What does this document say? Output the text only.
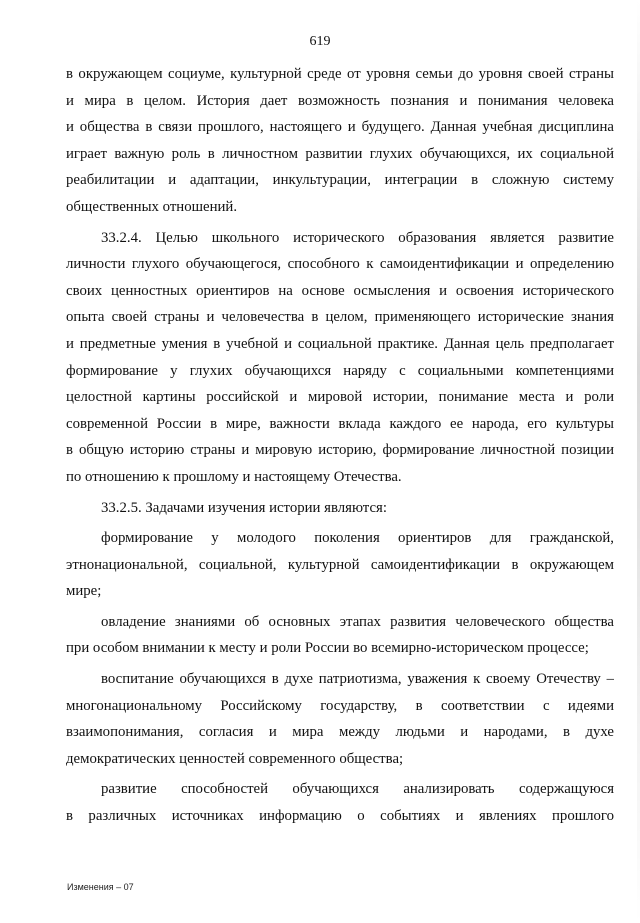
619
в окружающем социуме, культурной среде от уровня семьи до уровня своей страны
и мира в целом. История дает возможность познания и понимания человека
и общества в связи прошлого, настоящего и будущего. Данная учебная дисциплина
играет важную роль в личностном развитии глухих обучающихся, их социальной
реабилитации и адаптации, инкультурации, интеграции в сложную систему
общественных отношений.
33.2.4. Целью школьного исторического образования является развитие
личности глухого обучающегося, способного к самоидентификации и определению
своих ценностных ориентиров на основе осмысления и освоения исторического
опыта своей страны и человечества в целом, применяющего исторические знания
и предметные умения в учебной и социальной практике. Данная цель предполагает
формирование у глухих обучающихся наряду с социальными компетенциями
целостной картины российской и мировой истории, понимание места и роли
современной России в мире, важности вклада каждого ее народа, его культуры
в общую историю страны и мировую историю, формирование личностной позиции
по отношению к прошлому и настоящему Отечества.
33.2.5. Задачами изучения истории являются:
формирование у молодого поколения ориентиров для гражданской,
этнонациональной, социальной, культурной самоидентификации в окружающем
мире;
овладение знаниями об основных этапах развития человеческого общества
при особом внимании к месту и роли России во всемирно-историческом процессе;
воспитание обучающихся в духе патриотизма, уважения к своему Отечеству –
многонациональному Российскому государству, в соответствии с идеями
взаимопонимания, согласия и мира между людьми и народами, в духе
демократических ценностей современного общества;
развитие способностей обучающихся анализировать содержащуюся
в различных источниках информацию о событиях и явлениях прошлого
Изменения – 07
